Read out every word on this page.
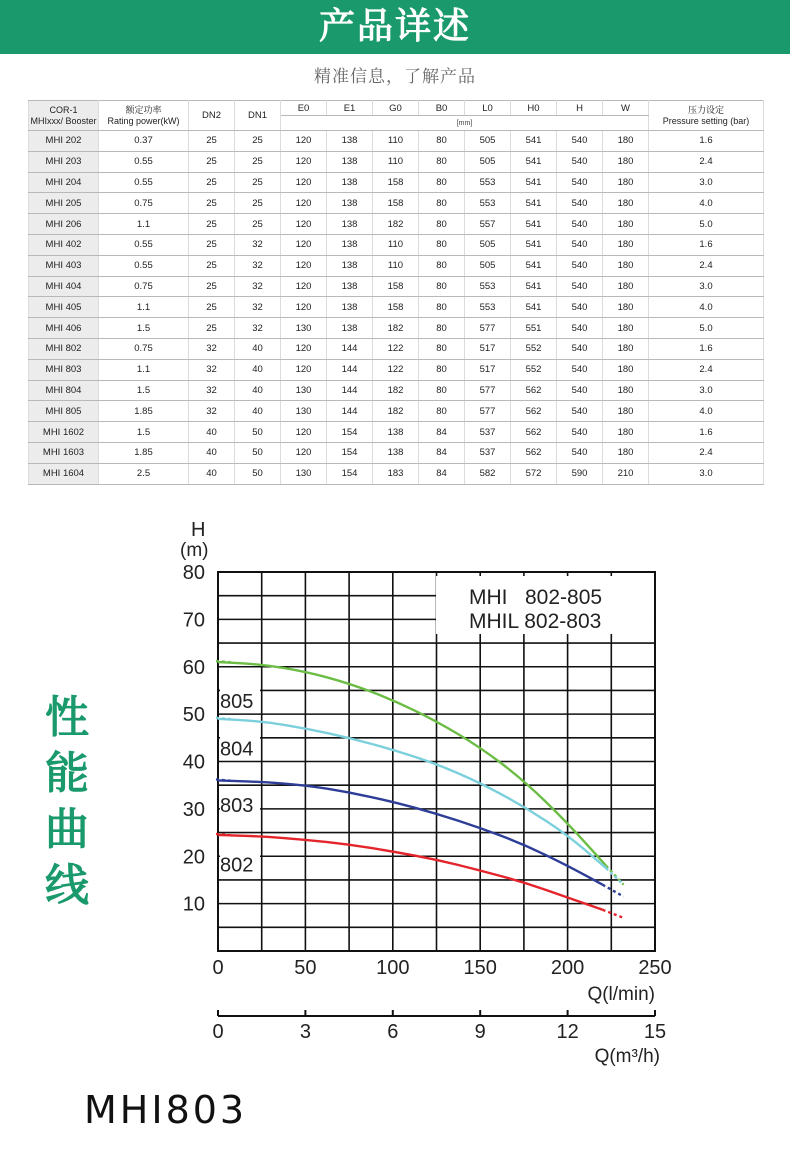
产品详述
精准信息，了解产品
COR-1
MHIxxx/ Booster	额定功率
Rating power(kW)	DN2	DN1	E0	E1	G0	B0	L0	H0	H	W	压力设定
Pressure setting (bar)

				[mm]								
MHI 202	0.37	25	25	120	138	110	80	505	541	540	180	1.6
MHI 203	0.55	25	25	120	138	110	80	505	541	540	180	2.4
MHI 204	0.55	25	25	120	138	158	80	553	541	540	180	3.0
MHI 205	0.75	25	25	120	138	158	80	553	541	540	180	4.0
MHI 206	1.1	25	25	120	138	182	80	557	541	540	180	5.0
MHI 402	0.55	25	32	120	138	110	80	505	541	540	180	1.6
MHI 403	0.55	25	32	120	138	110	80	505	541	540	180	2.4
MHI 404	0.75	25	32	120	138	158	80	553	541	540	180	3.0
MHI 405	1.1	25	32	120	138	158	80	553	541	540	180	4.0
MHI 406	1.5	25	32	130	138	182	80	577	551	540	180	5.0
MHI 802	0.75	32	40	120	144	122	80	517	552	540	180	1.6
MHI 803	1.1	32	40	120	144	122	80	517	552	540	180	2.4
MHI 804	1.5	32	40	130	144	182	80	577	562	540	180	3.0
MHI 805	1.85	32	40	130	144	182	80	577	562	540	180	4.0
MHI 1602	1.5	40	50	120	154	138	84	537	562	540	180	1.6
MHI 1603	1.85	40	50	120	154	138	84	537	562	540	180	2.4
MHI 1604	2.5	40	50	130	154	183	84	582	572	590	210	3.0
性
能
曲
线	10
20
30
40
50
60
70
80
0	50	100	150	200	250
0	3	6	9	12	15
805
804
803
802
MHI   802-805
MHIL 802-803
H
(m)
Q(l/min)
Q(m³/h)
MHI803
